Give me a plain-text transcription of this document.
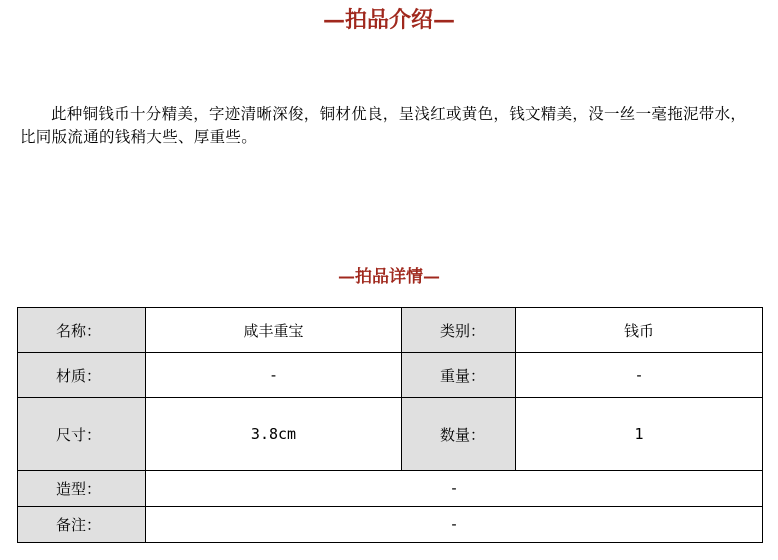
—拍品介绍—
此种铜钱币十分精美，字迹清晰深俊，铜材优良，呈浅红或黄色，钱文精美，没一丝一毫拖泥带水，比同版流通的钱稍大些、厚重些。
—拍品详情—
名称：	咸丰重宝	类别：	钱币
材质：	-	重量：	-
尺寸：	3.8cm	数量：	1
造型：	-		
备注：	-		
